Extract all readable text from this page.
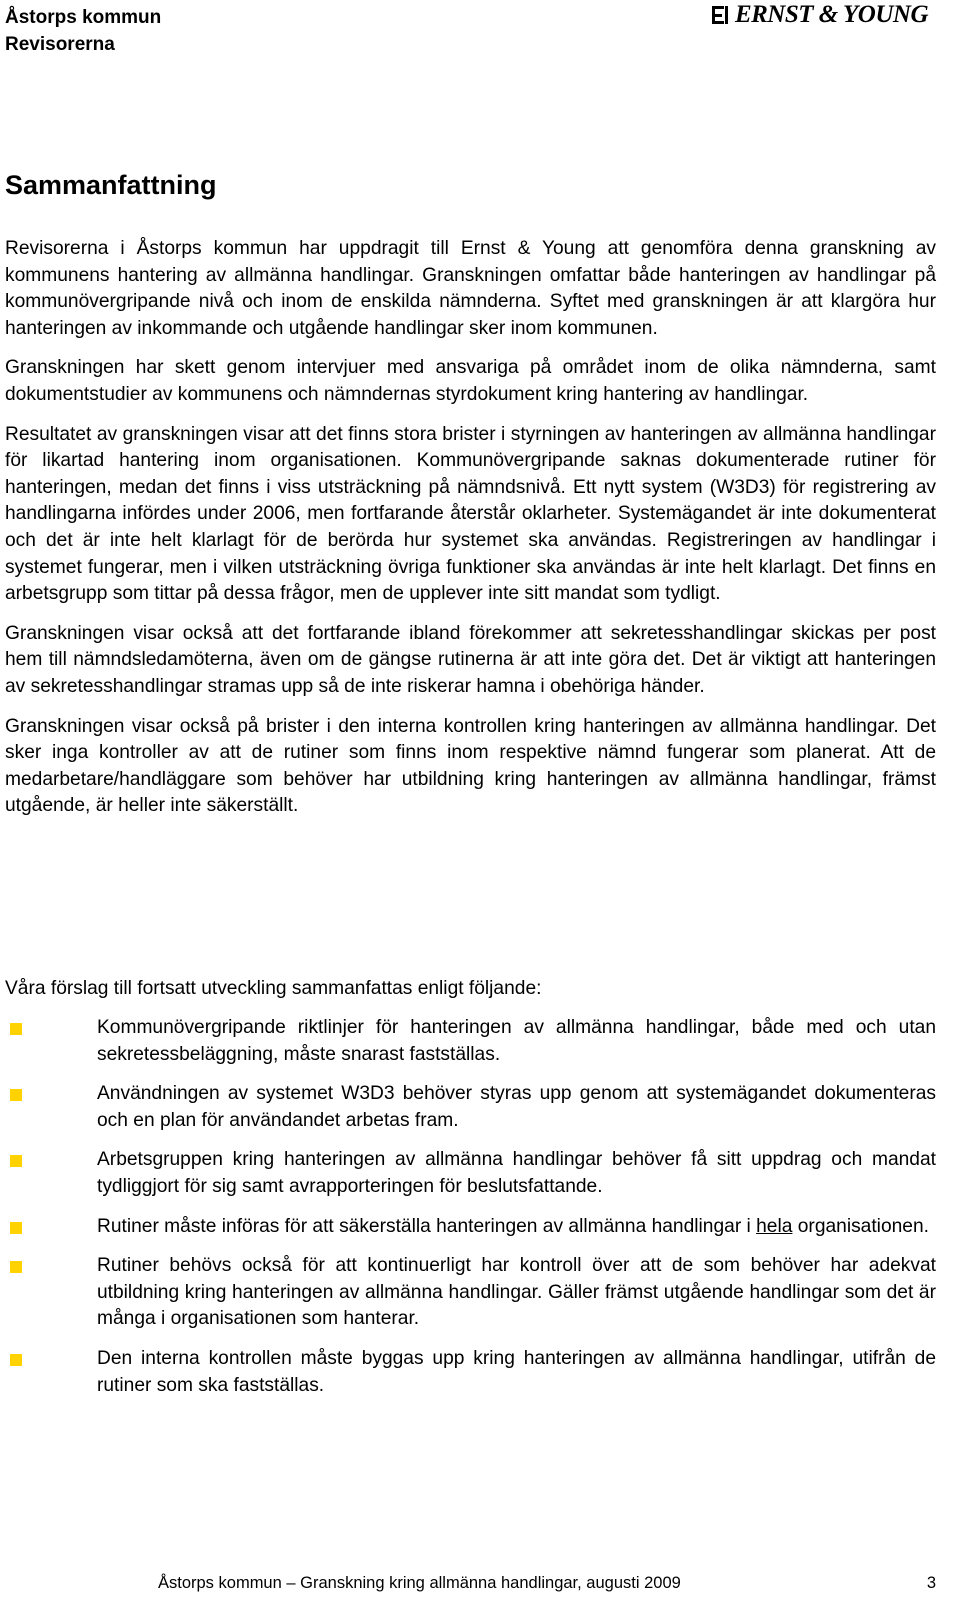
Åstorps kommun
Revisorerna
ERNST & YOUNG
Sammanfattning

Revisorerna i Åstorps kommun har uppdragit till Ernst & Young att genomföra denna granskning av kommunens hantering av allmänna handlingar. Granskningen omfattar både hanteringen av handlingar på kommunövergripande nivå och inom de enskilda nämnderna. Syftet med granskningen är att klargöra hur hanteringen av inkommande och utgående handlingar sker inom kommunen.

Granskningen har skett genom intervjuer med ansvariga på området inom de olika nämnderna, samt dokumentstudier av kommunens och nämndernas styrdokument kring hantering av handlingar.

Resultatet av granskningen visar att det finns stora brister i styrningen av hanteringen av allmänna handlingar för likartad hantering inom organisationen. Kommunövergripande saknas dokumenterade rutiner för hanteringen, medan det finns i viss utsträckning på nämndsnivå. Ett nytt system (W3D3) för registrering av handlingarna infördes under 2006, men fortfarande återstår oklarheter. Systemägandet är inte dokumenterat och det är inte helt klarlagt för de berörda hur systemet ska användas. Registreringen av handlingar i systemet fungerar, men i vilken utsträckning övriga funktioner ska användas är inte helt klarlagt. Det finns en arbetsgrupp som tittar på dessa frågor, men de upplever inte sitt mandat som tydligt.

Granskningen visar också att det fortfarande ibland förekommer att sekretesshandlingar skickas per post hem till nämndsledamöterna, även om de gängse rutinerna är att inte göra det. Det är viktigt att hanteringen av sekretesshandlingar stramas upp så de inte riskerar hamna i obehöriga händer.

Granskningen visar också på brister i den interna kontrollen kring hanteringen av allmänna handlingar. Det sker inga kontroller av att de rutiner som finns inom respektive nämnd fungerar som planerat. Att de medarbetare/handläggare som behöver har utbildning kring hanteringen av allmänna handlingar, främst utgående, är heller inte säkerställt.

Våra förslag till fortsatt utveckling sammanfattas enligt följande:
Kommunövergripande riktlinjer för hanteringen av allmänna handlingar, både med och utan sekretessbeläggning, måste snarast fastställas.
Användningen av systemet W3D3 behöver styras upp genom att systemägandet dokumenteras och en plan för användandet arbetas fram.
Arbetsgruppen kring hanteringen av allmänna handlingar behöver få sitt uppdrag och mandat tydliggjort för sig samt avrapporteringen för beslutsfattande.
Rutiner måste införas för att säkerställa hanteringen av allmänna handlingar i hela organisationen.
Rutiner behövs också för att kontinuerligt har kontroll över att de som behöver har adekvat utbildning kring hanteringen av allmänna handlingar. Gäller främst utgående handlingar som det är många i organisationen som hanterar.
Den interna kontrollen måste byggas upp kring hanteringen av allmänna handlingar, utifrån de rutiner som ska fastställas.
Åstorps kommun – Granskning kring allmänna handlingar, augusti 2009	3
